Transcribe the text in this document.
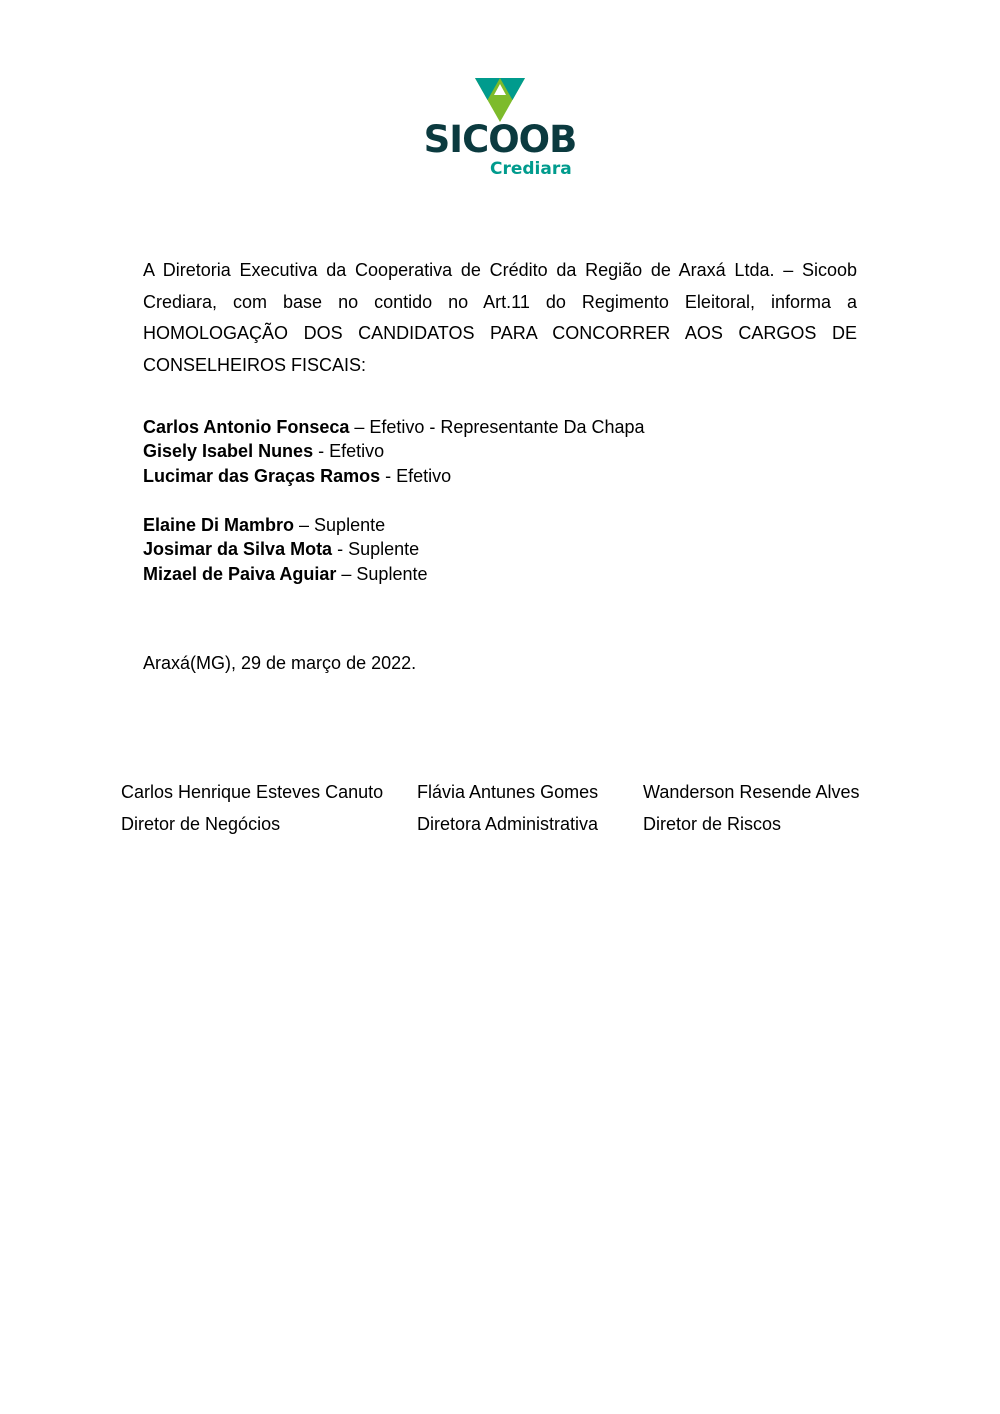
SICOOB
Crediara

A Diretoria Executiva da Cooperativa de Crédito da Região de Araxá Ltda. – Sicoob Crediara, com base no contido no Art.11 do Regimento Eleitoral, informa a HOMOLOGAÇÃO DOS CANDIDATOS PARA CONCORRER AOS CARGOS DE CONSELHEIROS FISCAIS:

Carlos Antonio Fonseca – Efetivo - Representante Da Chapa
Gisely Isabel Nunes - Efetivo
Lucimar das Graças Ramos - Efetivo
Elaine Di Mambro – Suplente
Josimar da Silva Mota - Suplente
Mizael de Paiva Aguiar – Suplente

Araxá(MG), 29 de março de 2022.

Carlos Henrique Esteves Canuto
Diretor de Negócios
Flávia Antunes Gomes
Diretora Administrativa
Wanderson Resende Alves
Diretor de Riscos
